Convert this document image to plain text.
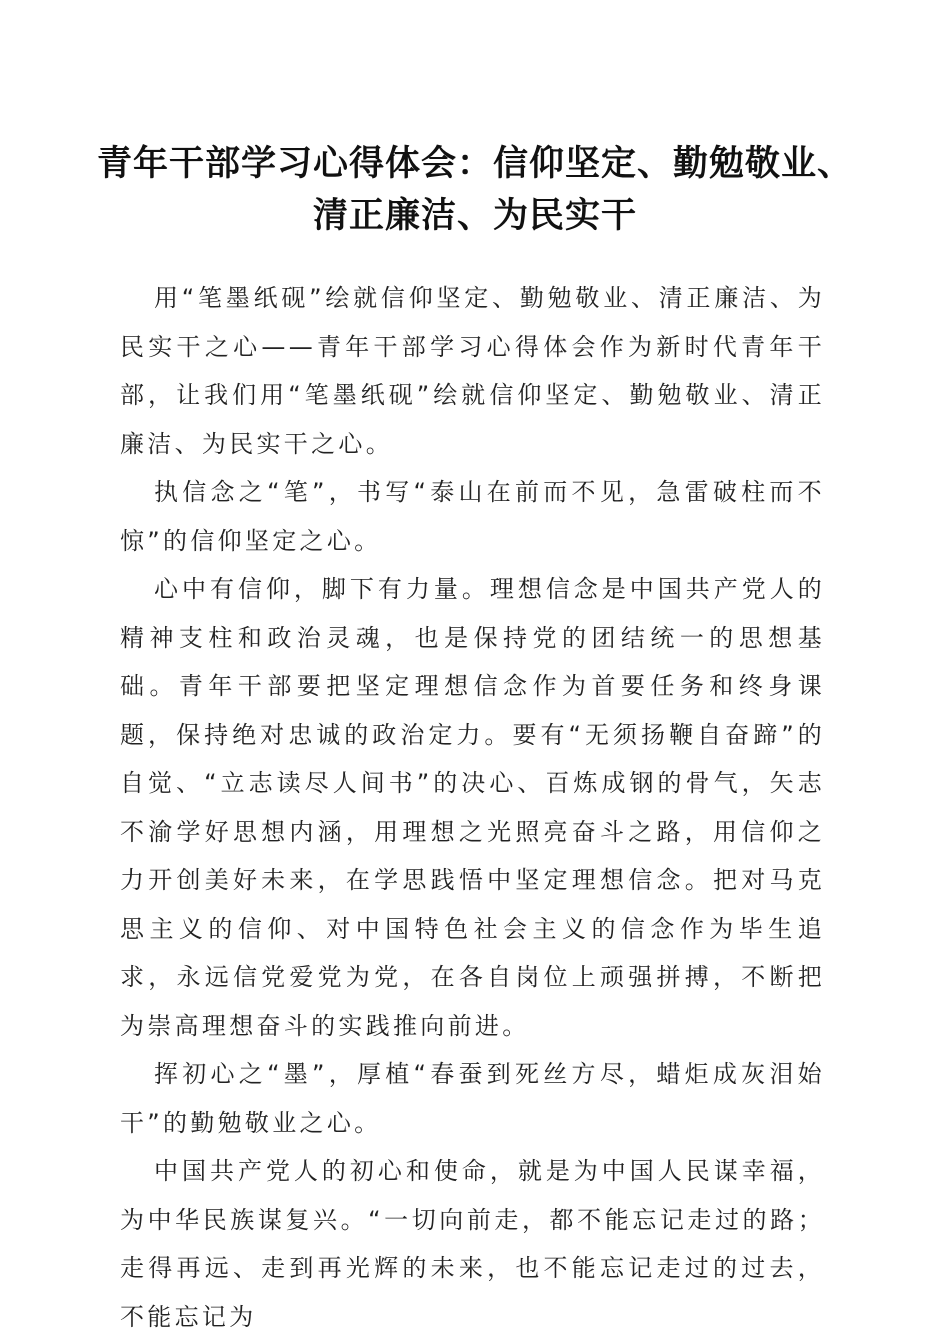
青年干部学习心得体会：信仰坚定、勤勉敬业、
清正廉洁、为民实干

用“笔墨纸砚”绘就信仰坚定、勤勉敬业、清正廉洁、为民实干之心——青年干部学习心得体会作为新时代青年干部，让我们用“笔墨纸砚”绘就信仰坚定、勤勉敬业、清正廉洁、为民实干之心。

执信念之“笔”，书写“泰山在前而不见，急雷破柱而不惊”的信仰坚定之心。

心中有信仰，脚下有力量。理想信念是中国共产党人的精神支柱和政治灵魂，也是保持党的团结统一的思想基础。青年干部要把坚定理想信念作为首要任务和终身课题，保持绝对忠诚的政治定力。要有“无须扬鞭自奋蹄”的自觉、“立志读尽人间书”的决心、百炼成钢的骨气，矢志不渝学好思想内涵，用理想之光照亮奋斗之路，用信仰之力开创美好未来，在学思践悟中坚定理想信念。把对马克思主义的信仰、对中国特色社会主义的信念作为毕生追求，永远信党爱党为党，在各自岗位上顽强拼搏，不断把为崇高理想奋斗的实践推向前进。

挥初心之“墨”，厚植“春蚕到死丝方尽，蜡炬成灰泪始干”的勤勉敬业之心。

中国共产党人的初心和使命，就是为中国人民谋幸福，为中华民族谋复兴。“一切向前走，都不能忘记走过的路；走得再远、走到再光辉的未来，也不能忘记走过的过去，不能忘记为
